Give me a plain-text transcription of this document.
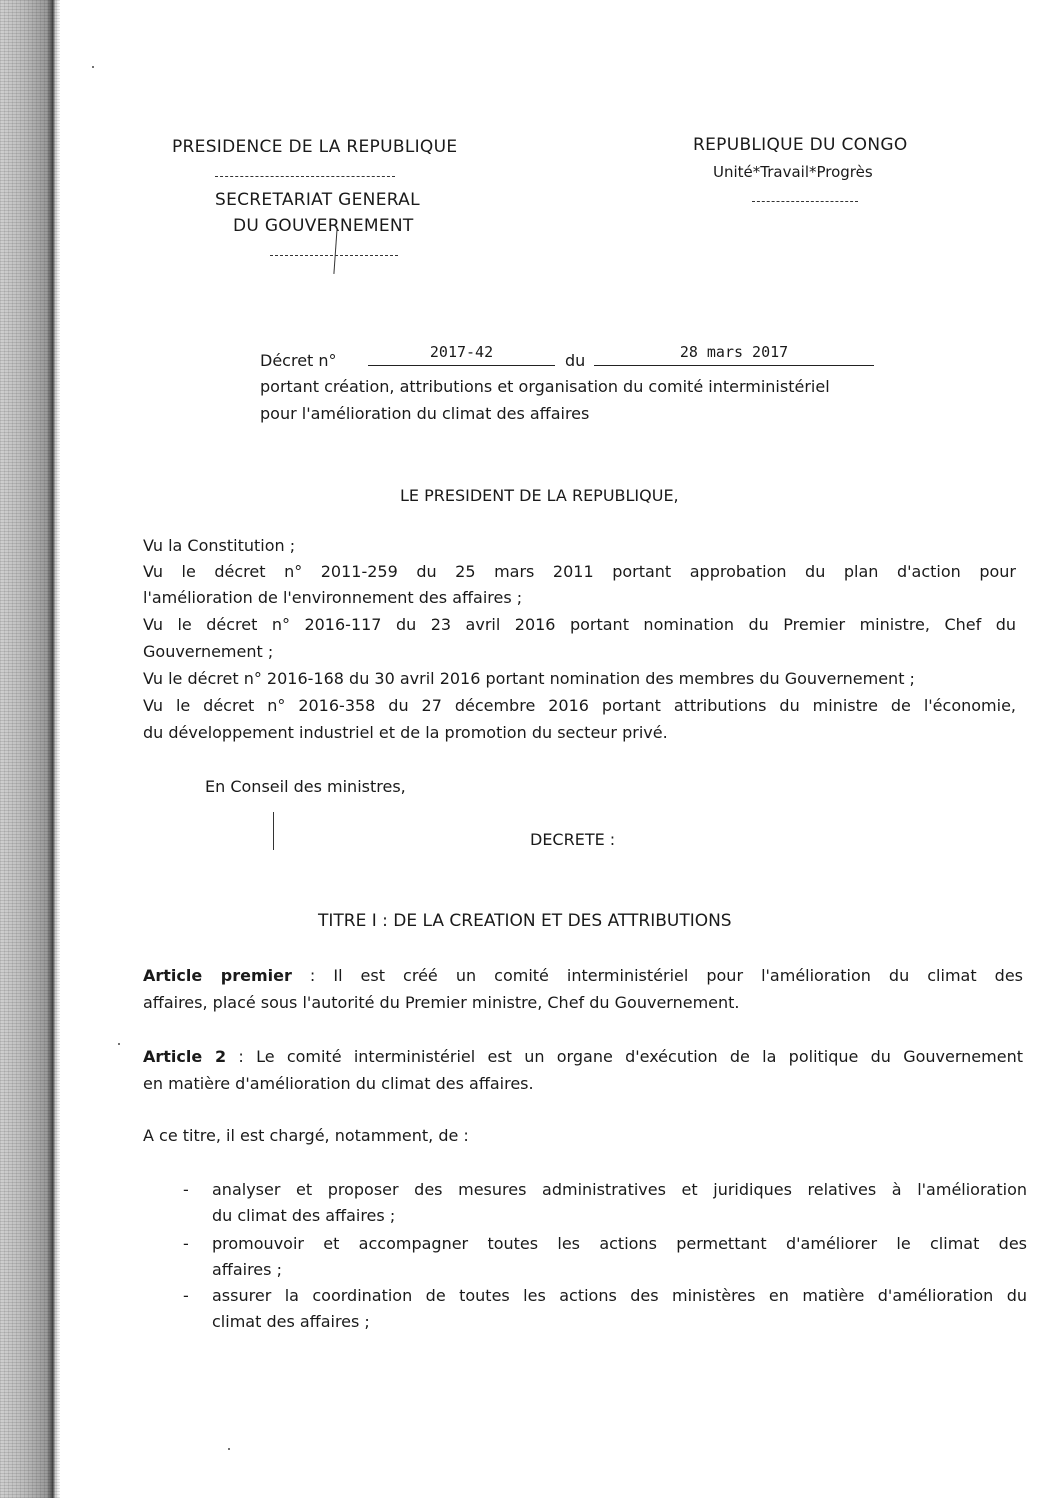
PRESIDENCE DE LA REPUBLIQUE
SECRETARIAT GENERAL
DU GOUVERNEMENT
REPUBLIQUE DU CONGO
Unité*Travail*Progrès
Décret n°	2017-42	du	28 mars 2017
portant création, attributions et organisation du comité interministériel
pour l'amélioration du climat des affaires
LE PRESIDENT DE LA REPUBLIQUE,
Vu la Constitution ;
Vu le décret n° 2011-259 du 25 mars 2011 portant approbation du plan d'action pour
l'amélioration de l'environnement des affaires ;
Vu le décret n° 2016-117 du 23 avril 2016 portant nomination du Premier ministre, Chef du
Gouvernement ;
Vu le décret n° 2016-168 du 30 avril 2016 portant nomination des membres du Gouvernement ;
Vu le décret n° 2016-358 du 27 décembre 2016 portant attributions du ministre de l'économie,
du développement industriel et de la promotion du secteur privé.
En Conseil des ministres,
DECRETE :
TITRE I : DE LA CREATION ET DES ATTRIBUTIONS
Article premier : Il est créé un comité interministériel pour l'amélioration du climat des
affaires, placé sous l'autorité du Premier ministre, Chef du Gouvernement.
Article 2 : Le comité interministériel est un organe d'exécution de la politique du Gouvernement
en matière d'amélioration du climat des affaires.
A ce titre, il est chargé, notamment, de :
- analyser et proposer des mesures administratives et juridiques relatives à l'amélioration
du climat des affaires ;
- promouvoir et accompagner toutes les actions permettant d'améliorer le climat des
affaires ;
- assurer la coordination de toutes les actions des ministères en matière d'amélioration du
climat des affaires ;
